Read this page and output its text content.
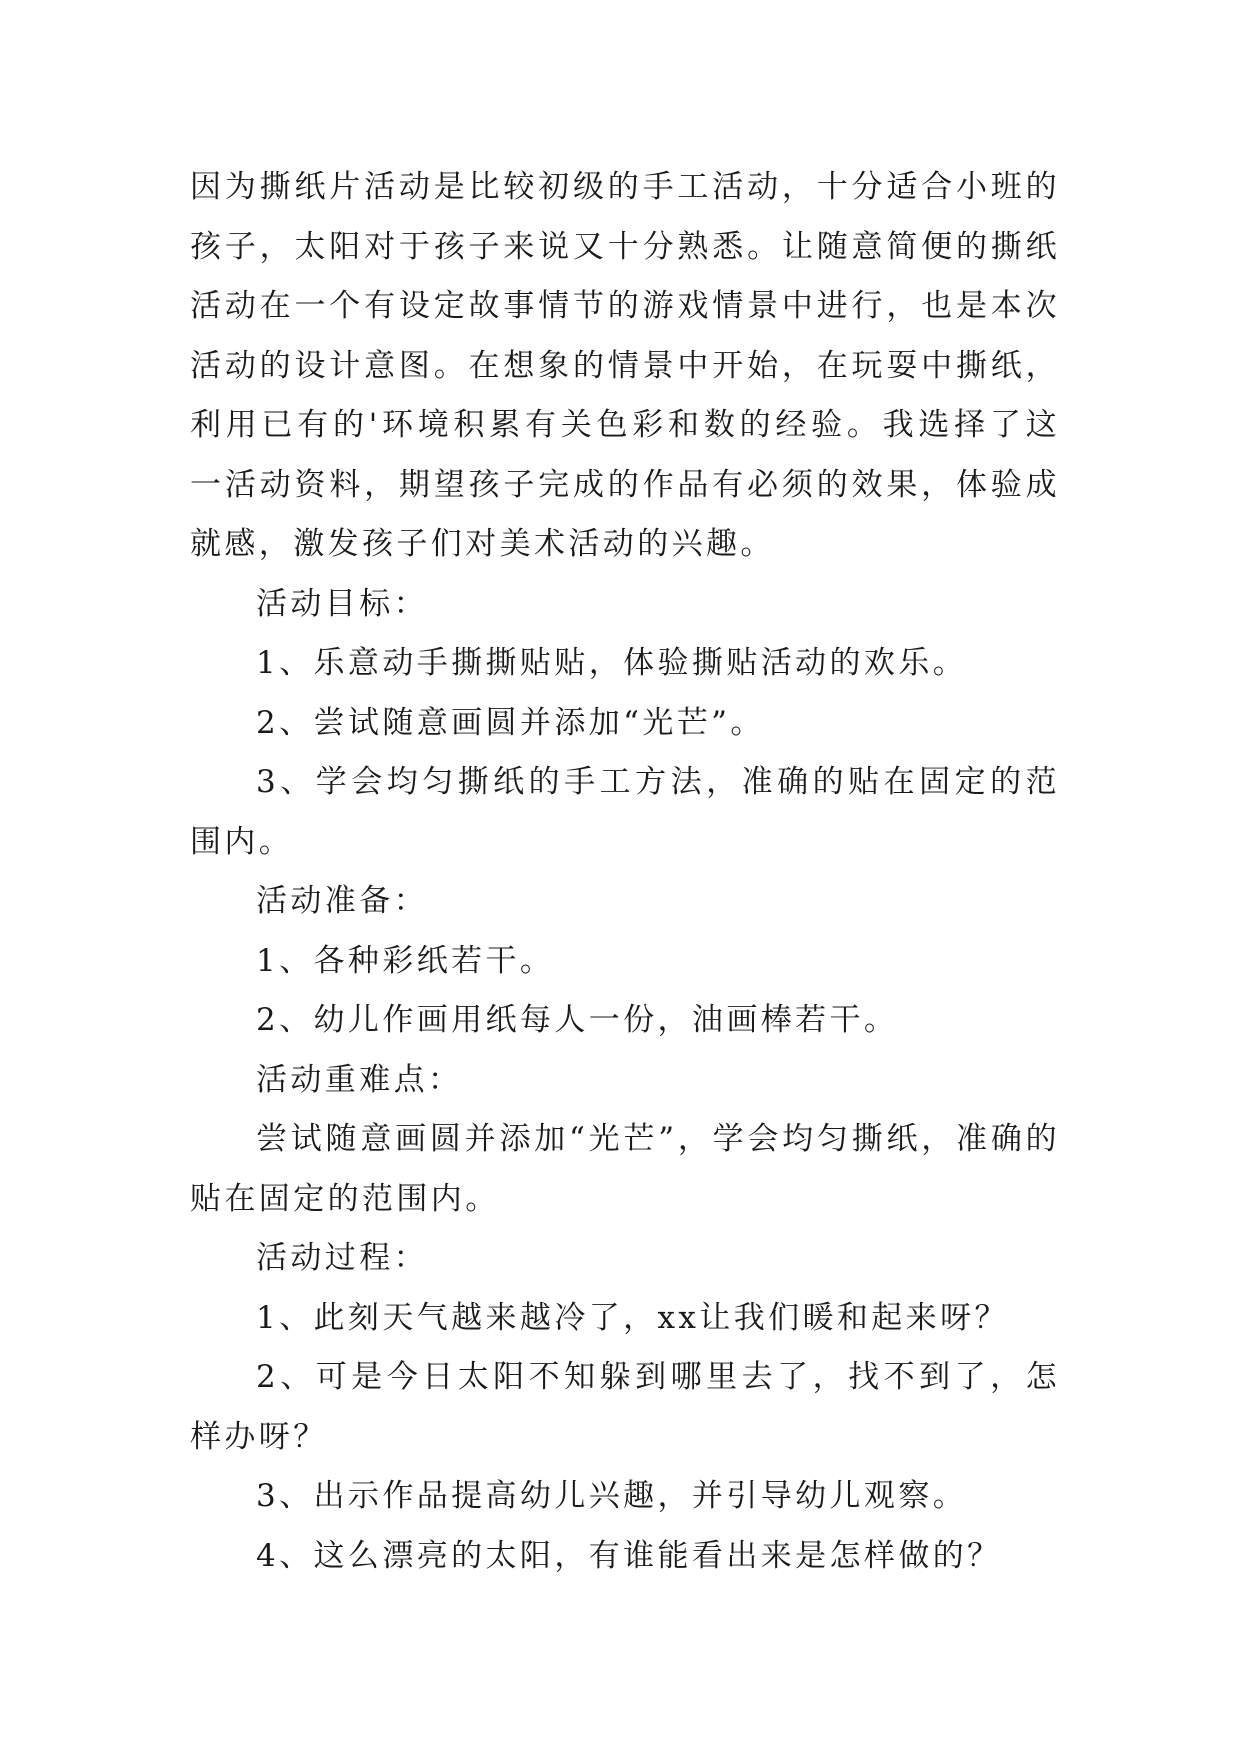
因为撕纸片活动是比较初级的手工活动，十分适合小班的孩子，太阳对于孩子来说又十分熟悉。让随意简便的撕纸活动在一个有设定故事情节的游戏情景中进行，也是本次活动的设计意图。在想象的情景中开始，在玩耍中撕纸，利用已有的'环境积累有关色彩和数的经验。我选择了这一活动资料，期望孩子完成的作品有必须的效果，体验成就感，激发孩子们对美术活动的兴趣。

活动目标：

1、乐意动手撕撕贴贴，体验撕贴活动的欢乐。

2、尝试随意画圆并添加“光芒”。

3、学会均匀撕纸的手工方法，准确的贴在固定的范围内。

活动准备：

1、各种彩纸若干。

2、幼儿作画用纸每人一份，油画棒若干。

活动重难点：

尝试随意画圆并添加“光芒”，学会均匀撕纸，准确的贴在固定的范围内。

活动过程：

1、此刻天气越来越冷了，xx让我们暖和起来呀？

2、可是今日太阳不知躲到哪里去了，找不到了，怎样办呀？

3、出示作品提高幼儿兴趣，并引导幼儿观察。

4、这么漂亮的太阳，有谁能看出来是怎样做的？
